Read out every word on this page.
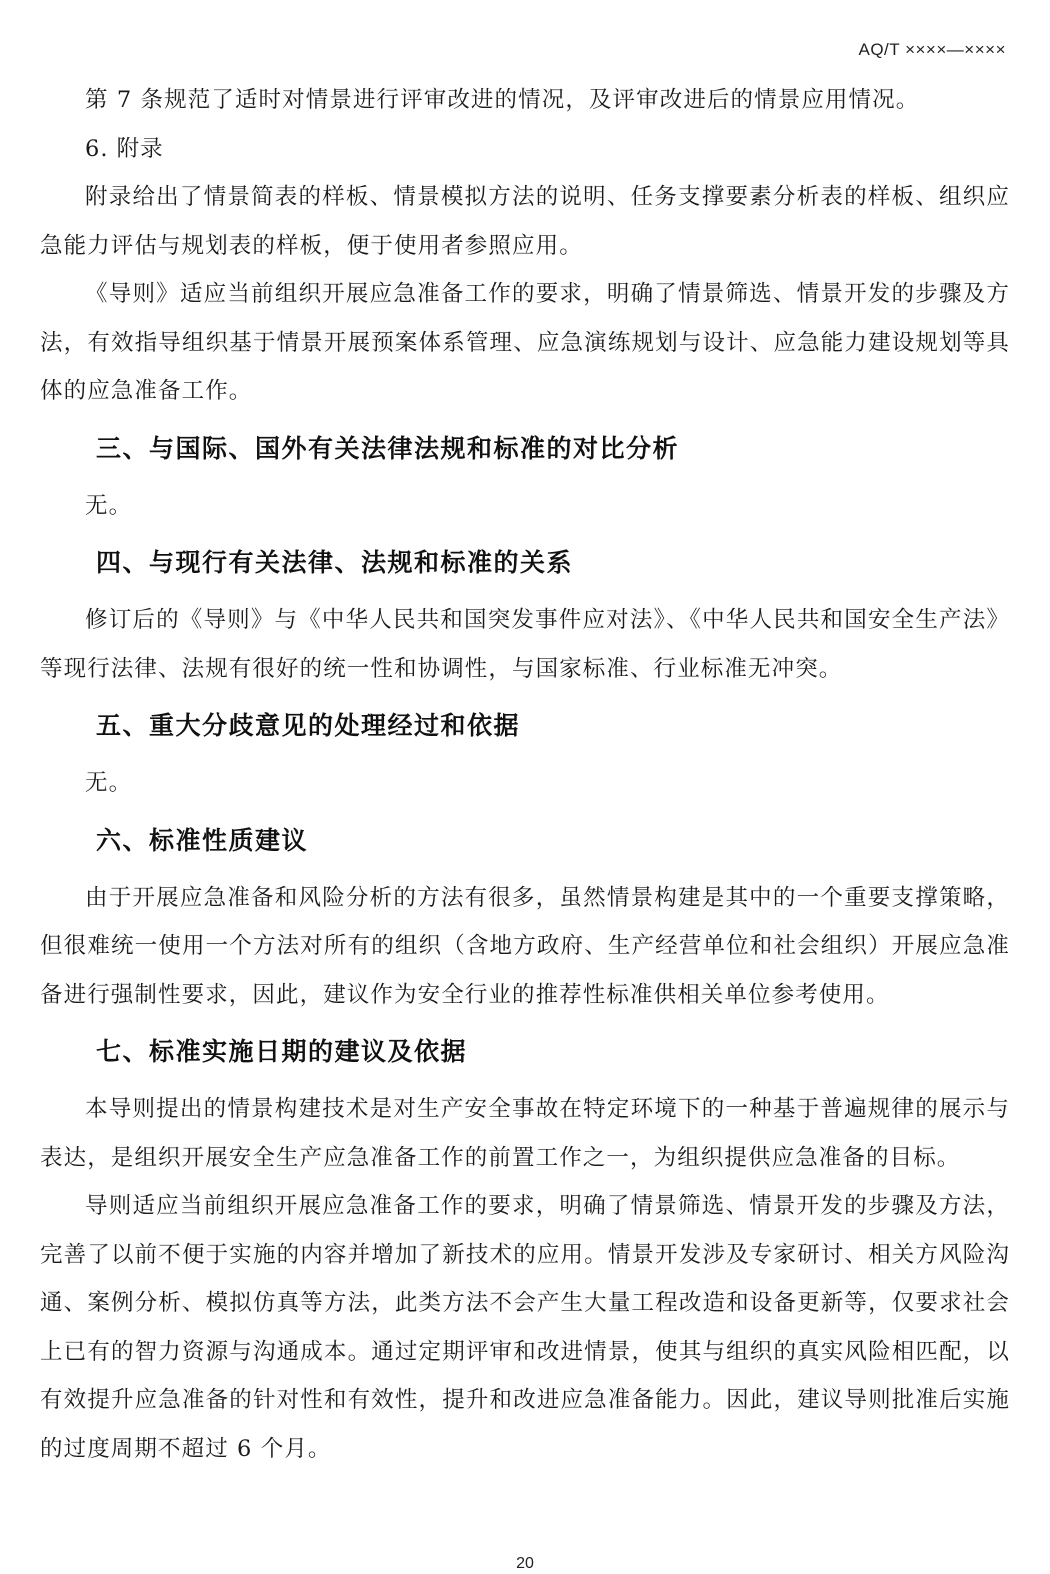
AQ/T ××××—××××

第 7 条规范了适时对情景进行评审改进的情况，及评审改进后的情景应用情况。

6. 附录

附录给出了情景简表的样板、情景模拟方法的说明、任务支撑要素分析表的样板、组织应急能力评估与规划表的样板，便于使用者参照应用。

《导则》适应当前组织开展应急准备工作的要求，明确了情景筛选、情景开发的步骤及方法，有效指导组织基于情景开展预案体系管理、应急演练规划与设计、应急能力建设规划等具体的应急准备工作。

三、与国际、国外有关法律法规和标准的对比分析

无。

四、与现行有关法律、法规和标准的关系

修订后的《导则》与《中华人民共和国突发事件应对法》、《中华人民共和国安全生产法》等现行法律、法规有很好的统一性和协调性，与国家标准、行业标准无冲突。

五、重大分歧意见的处理经过和依据

无。

六、标准性质建议

由于开展应急准备和风险分析的方法有很多，虽然情景构建是其中的一个重要支撑策略，但很难统一使用一个方法对所有的组织（含地方政府、生产经营单位和社会组织）开展应急准备进行强制性要求，因此，建议作为安全行业的推荐性标准供相关单位参考使用。

七、标准实施日期的建议及依据

本导则提出的情景构建技术是对生产安全事故在特定环境下的一种基于普遍规律的展示与表达，是组织开展安全生产应急准备工作的前置工作之一，为组织提供应急准备的目标。

导则适应当前组织开展应急准备工作的要求，明确了情景筛选、情景开发的步骤及方法，完善了以前不便于实施的内容并增加了新技术的应用。情景开发涉及专家研讨、相关方风险沟通、案例分析、模拟仿真等方法，此类方法不会产生大量工程改造和设备更新等，仅要求社会上已有的智力资源与沟通成本。通过定期评审和改进情景，使其与组织的真实风险相匹配，以有效提升应急准备的针对性和有效性，提升和改进应急准备能力。因此，建议导则批准后实施的过度周期不超过 6 个月。

20
